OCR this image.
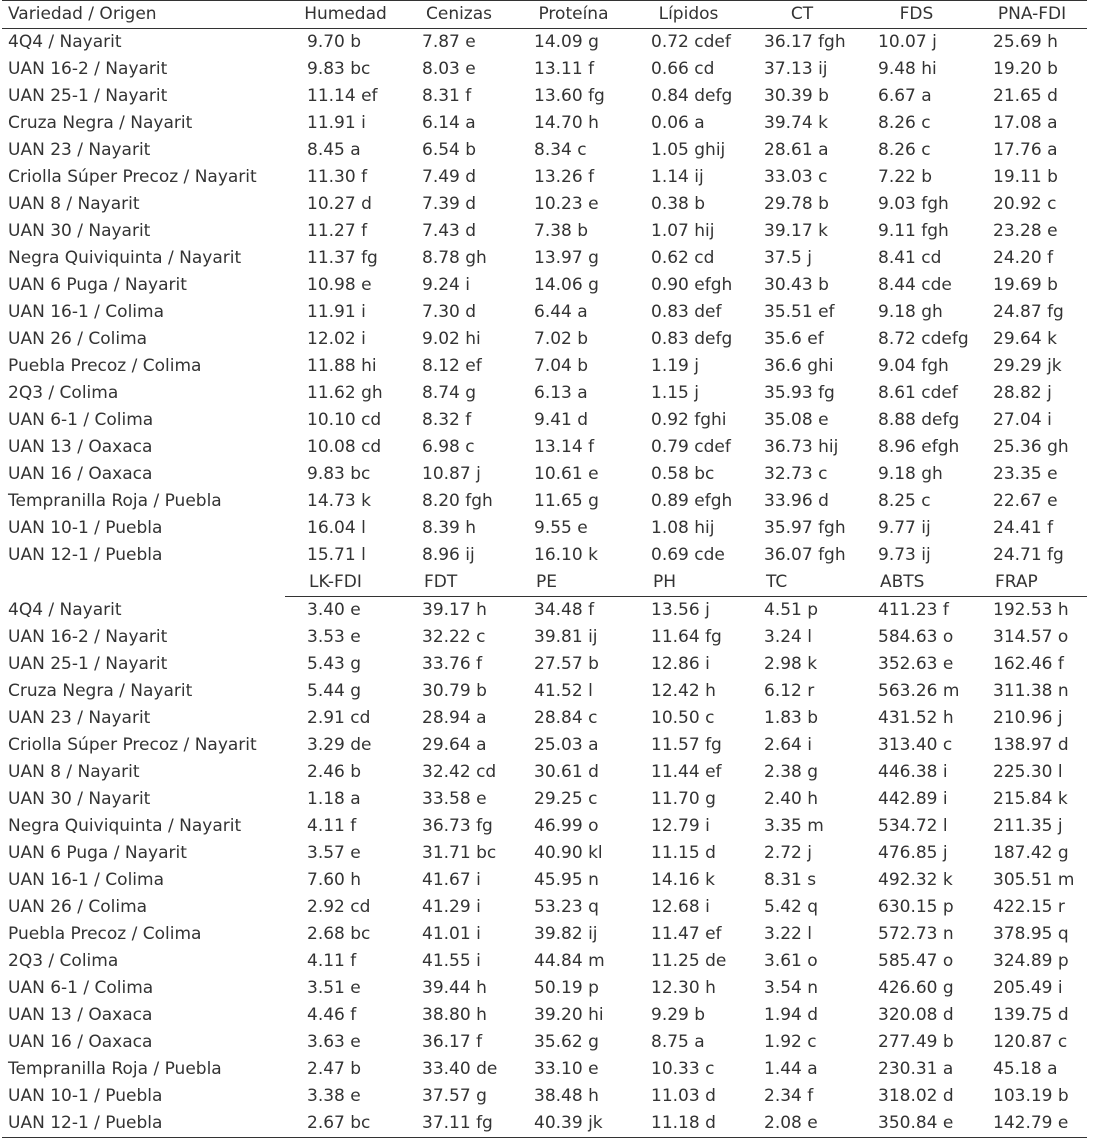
Variedad / Origen	Humedad	Cenizas	Proteína	Lípidos	CT	FDS	PNA-FDI
4Q4 / Nayarit	9.70 b	7.87 e	14.09 g	0.72 cdef	36.17 fgh	10.07 j	25.69 h
UAN 16-2 / Nayarit	9.83 bc	8.03 e	13.11 f	0.66 cd	37.13 ij	9.48 hi	19.20 b
UAN 25-1 / Nayarit	11.14 ef	8.31 f	13.60 fg	0.84 defg	30.39 b	6.67 a	21.65 d
Cruza Negra / Nayarit	11.91 i	6.14 a	14.70 h	0.06 a	39.74 k	8.26 c	17.08 a
UAN 23 / Nayarit	8.45 a	6.54 b	8.34 c	1.05 ghij	28.61 a	8.26 c	17.76 a
Criolla Súper Precoz / Nayarit	11.30 f	7.49 d	13.26 f	1.14 ij	33.03 c	7.22 b	19.11 b
UAN 8 / Nayarit	10.27 d	7.39 d	10.23 e	0.38 b	29.78 b	9.03 fgh	20.92 c
UAN 30 / Nayarit	11.27 f	7.43 d	7.38 b	1.07 hij	39.17 k	9.11 fgh	23.28 e
Negra Quiviquinta / Nayarit	11.37 fg	8.78 gh	13.97 g	0.62 cd	37.5 j	8.41 cd	24.20 f
UAN 6 Puga / Nayarit	10.98 e	9.24 i	14.06 g	0.90 efgh	30.43 b	8.44 cde	19.69 b
UAN 16-1 / Colima	11.91 i	7.30 d	6.44 a	0.83 def	35.51 ef	9.18 gh	24.87 fg
UAN 26 / Colima	12.02 i	9.02 hi	7.02 b	0.83 defg	35.6 ef	8.72 cdefg	29.64 k
Puebla Precoz / Colima	11.88 hi	8.12 ef	7.04 b	1.19 j	36.6 ghi	9.04 fgh	29.29 jk
2Q3 / Colima	11.62 gh	8.74 g	6.13 a	1.15 j	35.93 fg	8.61 cdef	28.82 j
UAN 6-1 / Colima	10.10 cd	8.32 f	9.41 d	0.92 fghi	35.08 e	8.88 defg	27.04 i
UAN 13 / Oaxaca	10.08 cd	6.98 c	13.14 f	0.79 cdef	36.73 hij	8.96 efgh	25.36 gh
UAN 16 / Oaxaca	9.83 bc	10.87 j	10.61 e	0.58 bc	32.73 c	9.18 gh	23.35 e
Tempranilla Roja / Puebla	14.73 k	8.20 fgh	11.65 g	0.89 efgh	33.96 d	8.25 c	22.67 e
UAN 10-1 / Puebla	16.04 l	8.39 h	9.55 e	1.08 hij	35.97 fgh	9.77 ij	24.41 f
UAN 12-1 / Puebla	15.71 l	8.96 ij	16.10 k	0.69 cde	36.07 fgh	9.73 ij	24.71 fg
	LK-FDI	FDT	PE	PH	TC	ABTS	FRAP
4Q4 / Nayarit	3.40 e	39.17 h	34.48 f	13.56 j	4.51 p	411.23 f	192.53 h
UAN 16-2 / Nayarit	3.53 e	32.22 c	39.81 ij	11.64 fg	3.24 l	584.63 o	314.57 o
UAN 25-1 / Nayarit	5.43 g	33.76 f	27.57 b	12.86 i	2.98 k	352.63 e	162.46 f
Cruza Negra / Nayarit	5.44 g	30.79 b	41.52 l	12.42 h	6.12 r	563.26 m	311.38 n
UAN 23 / Nayarit	2.91 cd	28.94 a	28.84 c	10.50 c	1.83 b	431.52 h	210.96 j
Criolla Súper Precoz / Nayarit	3.29 de	29.64 a	25.03 a	11.57 fg	2.64 i	313.40 c	138.97 d
UAN 8 / Nayarit	2.46 b	32.42 cd	30.61 d	11.44 ef	2.38 g	446.38 i	225.30 l
UAN 30 / Nayarit	1.18 a	33.58 e	29.25 c	11.70 g	2.40 h	442.89 i	215.84 k
Negra Quiviquinta / Nayarit	4.11 f	36.73 fg	46.99 o	12.79 i	3.35 m	534.72 l	211.35 j
UAN 6 Puga / Nayarit	3.57 e	31.71 bc	40.90 kl	11.15 d	2.72 j	476.85 j	187.42 g
UAN 16-1 / Colima	7.60 h	41.67 i	45.95 n	14.16 k	8.31 s	492.32 k	305.51 m
UAN 26 / Colima	2.92 cd	41.29 i	53.23 q	12.68 i	5.42 q	630.15 p	422.15 r
Puebla Precoz / Colima	2.68 bc	41.01 i	39.82 ij	11.47 ef	3.22 l	572.73 n	378.95 q
2Q3 / Colima	4.11 f	41.55 i	44.84 m	11.25 de	3.61 o	585.47 o	324.89 p
UAN 6-1 / Colima	3.51 e	39.44 h	50.19 p	12.30 h	3.54 n	426.60 g	205.49 i
UAN 13 / Oaxaca	4.46 f	38.80 h	39.20 hi	9.29 b	1.94 d	320.08 d	139.75 d
UAN 16 / Oaxaca	3.63 e	36.17 f	35.62 g	8.75 a	1.92 c	277.49 b	120.87 c
Tempranilla Roja / Puebla	2.47 b	33.40 de	33.10 e	10.33 c	1.44 a	230.31 a	45.18 a
UAN 10-1 / Puebla	3.38 e	37.57 g	38.48 h	11.03 d	2.34 f	318.02 d	103.19 b
UAN 12-1 / Puebla	2.67 bc	37.11 fg	40.39 jk	11.18 d	2.08 e	350.84 e	142.79 e
